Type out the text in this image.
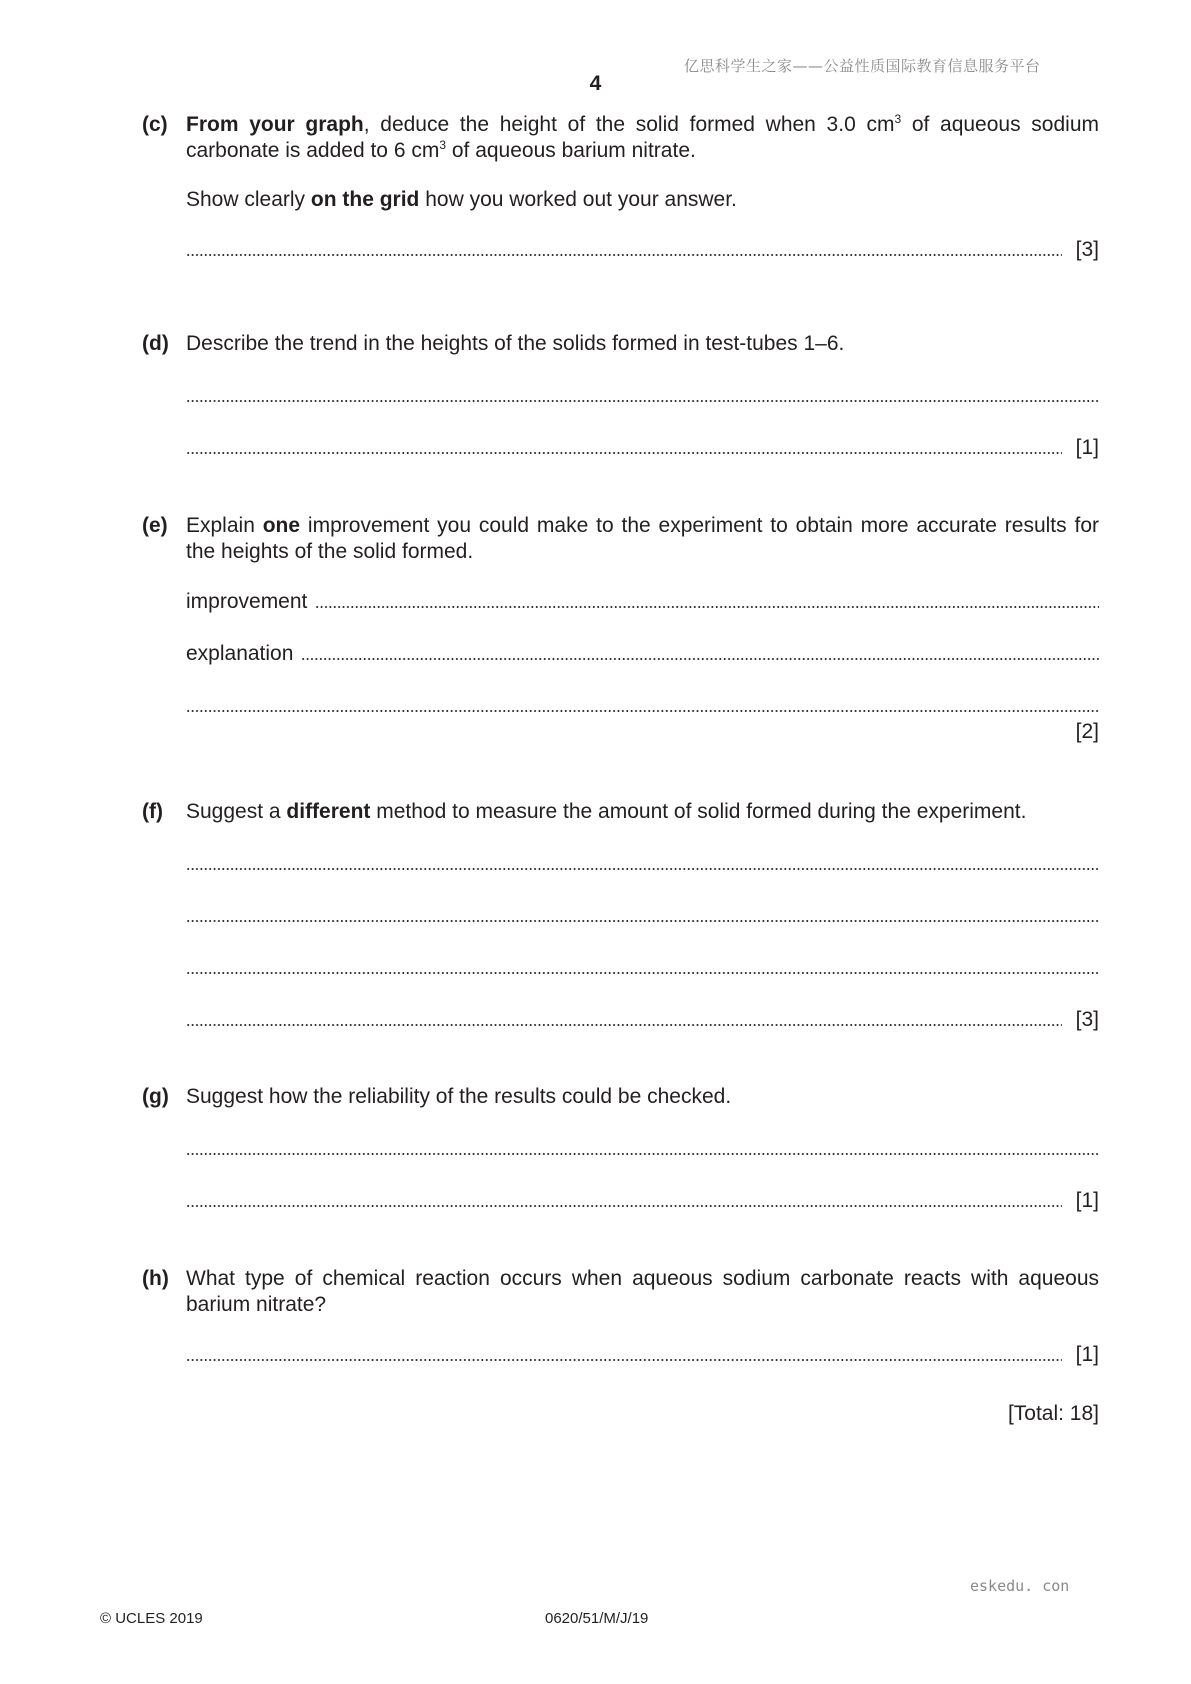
亿思科学生之家——公益性质国际教育信息服务平台
4
(c) From your graph, deduce the height of the solid formed when 3.0 $cm^3$ of aqueous sodium carbonate is added to 6 $cm^3$ of aqueous barium nitrate.

Show clearly on the grid how you worked out your answer.

[3]
(d) Describe the trend in the heights of the solids formed in test-tubes 1–6.

[1]
(e) Explain one improvement you could make to the experiment to obtain more accurate results for the heights of the solid formed.

improvement
explanation
[2]
(f) Suggest a different method to measure the amount of solid formed during the experiment.

[3]
(g) Suggest how the reliability of the results could be checked.

[1]
(h) What type of chemical reaction occurs when aqueous sodium carbonate reacts with aqueous barium nitrate?

[1]
[Total: 18]
eskedu. con
© UCLES 2019	0620/51/M/J/19
